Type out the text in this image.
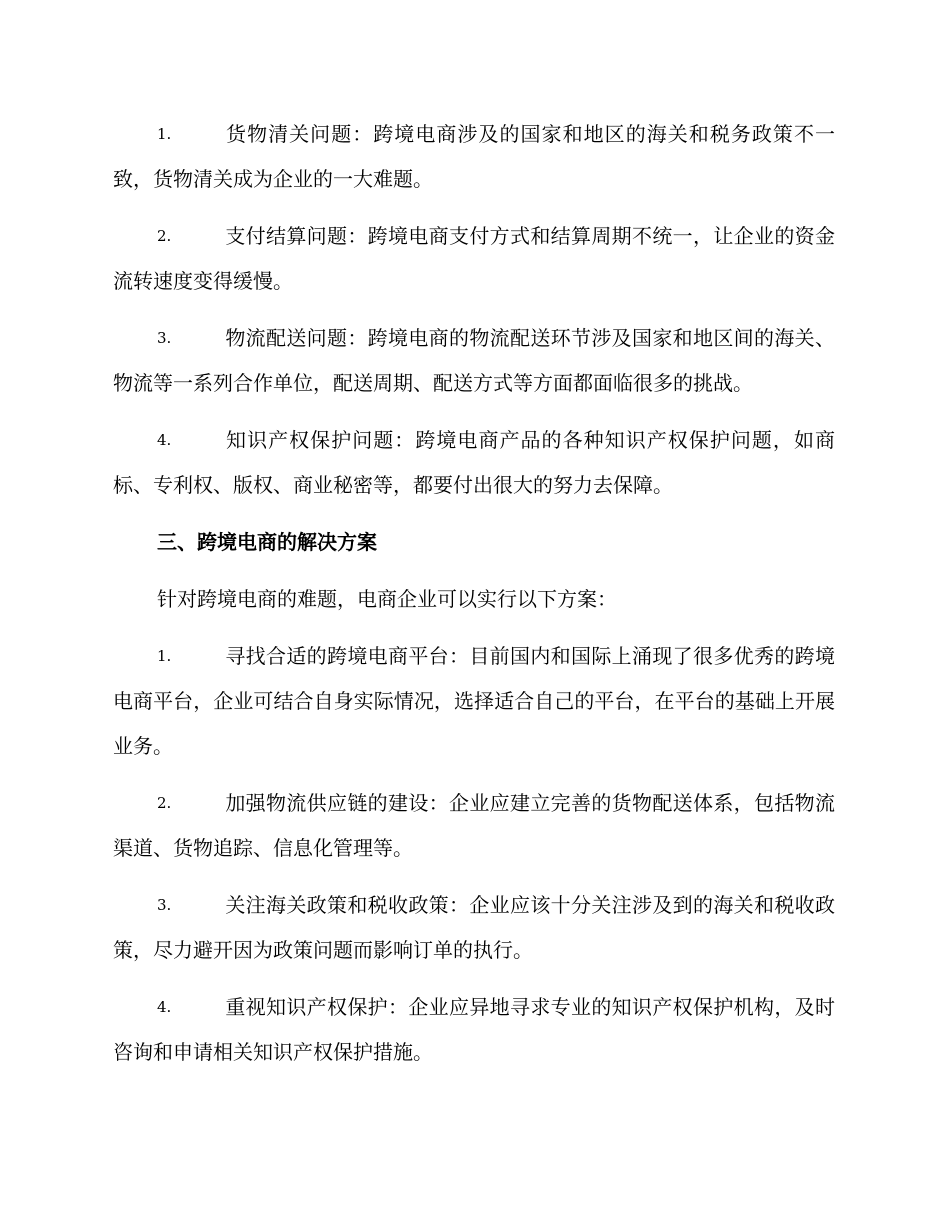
1.	货物清关问题：跨境电商涉及的国家和地区的海关和税务政策不一致，货物清关成为企业的一大难题。
2.	支付结算问题：跨境电商支付方式和结算周期不统一，让企业的资金流转速度变得缓慢。
3.	物流配送问题：跨境电商的物流配送环节涉及国家和地区间的海关、物流等一系列合作单位，配送周期、配送方式等方面都面临很多的挑战。
4.	知识产权保护问题：跨境电商产品的各种知识产权保护问题，如商标、专利权、版权、商业秘密等，都要付出很大的努力去保障。
三、跨境电商的解决方案
针对跨境电商的难题，电商企业可以实行以下方案：
1.	寻找合适的跨境电商平台：目前国内和国际上涌现了很多优秀的跨境电商平台，企业可结合自身实际情况，选择适合自己的平台，在平台的基础上开展业务。
2.	加强物流供应链的建设：企业应建立完善的货物配送体系，包括物流渠道、货物追踪、信息化管理等。
3.	关注海关政策和税收政策：企业应该十分关注涉及到的海关和税收政策，尽力避开因为政策问题而影响订单的执行。
4.	重视知识产权保护：企业应异地寻求专业的知识产权保护机构，及时咨询和申请相关知识产权保护措施。
